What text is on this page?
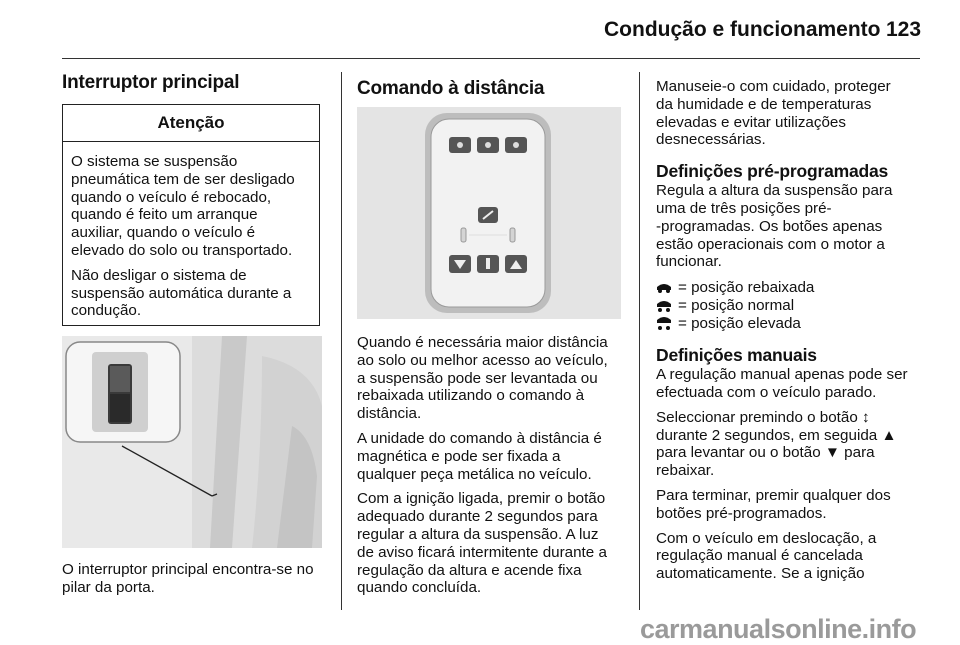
Condução e funcionamento 123
Interruptor principal
Atenção
O sistema se suspensão
pneumática tem de ser desligado
quando o veículo é rebocado,
quando é feito um arranque
auxiliar, quando o veículo é
elevado do solo ou transportado.
Não desligar o sistema de
suspensão automática durante a
condução.
O interruptor principal encontra-se no
pilar da porta.
Comando à distância
Quando é necessária maior distância
ao solo ou melhor acesso ao veículo,
a suspensão pode ser levantada ou
rebaixada utilizando o comando à
distância.
A unidade do comando à distância é
magnética e pode ser fixada a
qualquer peça metálica no veículo.
Com a ignição ligada, premir o botão
adequado durante 2 segundos para
regular a altura da suspensão. A luz
de aviso ficará intermitente durante a
regulação da altura e acende fixa
quando concluída.
Manuseie-o com cuidado, proteger
da humidade e de temperaturas
elevadas e evitar utilizações
desnecessárias.
Definições pré-programadas
Regula a altura da suspensão para
uma de três posições pré-
-programadas. Os botões apenas
estão operacionais com o motor a
funcionar.
= posição rebaixada
= posição normal
= posição elevada
Definições manuais
A regulação manual apenas pode ser
efectuada com o veículo parado.
Seleccionar premindo o botão ↕
durante 2 segundos, em seguida ▲
para levantar ou o botão ▼ para
rebaixar.
Para terminar, premir qualquer dos
botões pré-programados.
Com o veículo em deslocação, a
regulação manual é cancelada
automaticamente. Se a ignição
carmanualsonline.info
